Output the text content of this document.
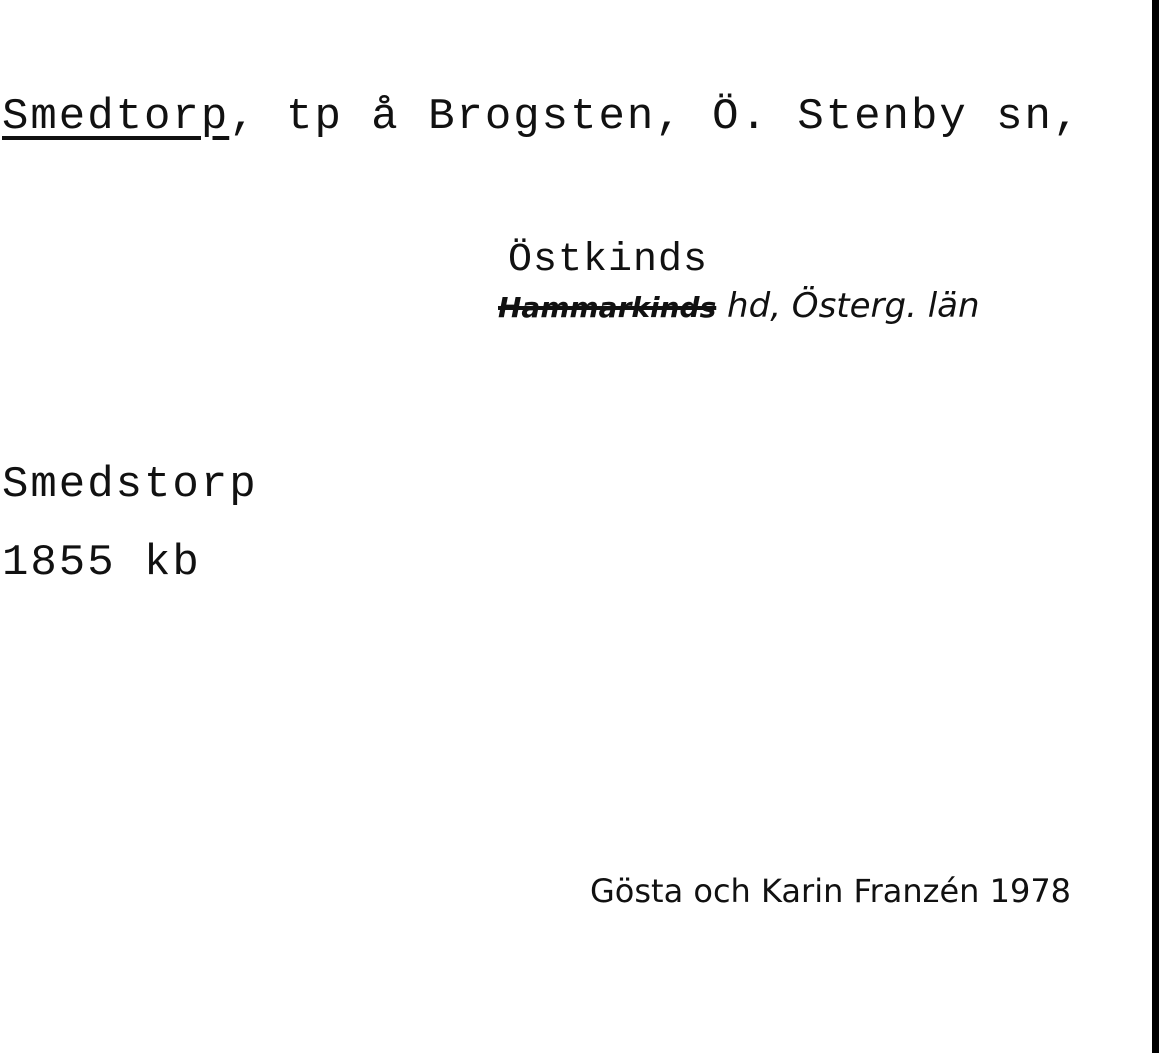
Smedtorp, tp å Brogsten, Ö. Stenby sn,
Östkinds
Hammarkinds hd, Österg. län
Smedstorp
1855 kb
Gösta och Karin Franzén 1978
